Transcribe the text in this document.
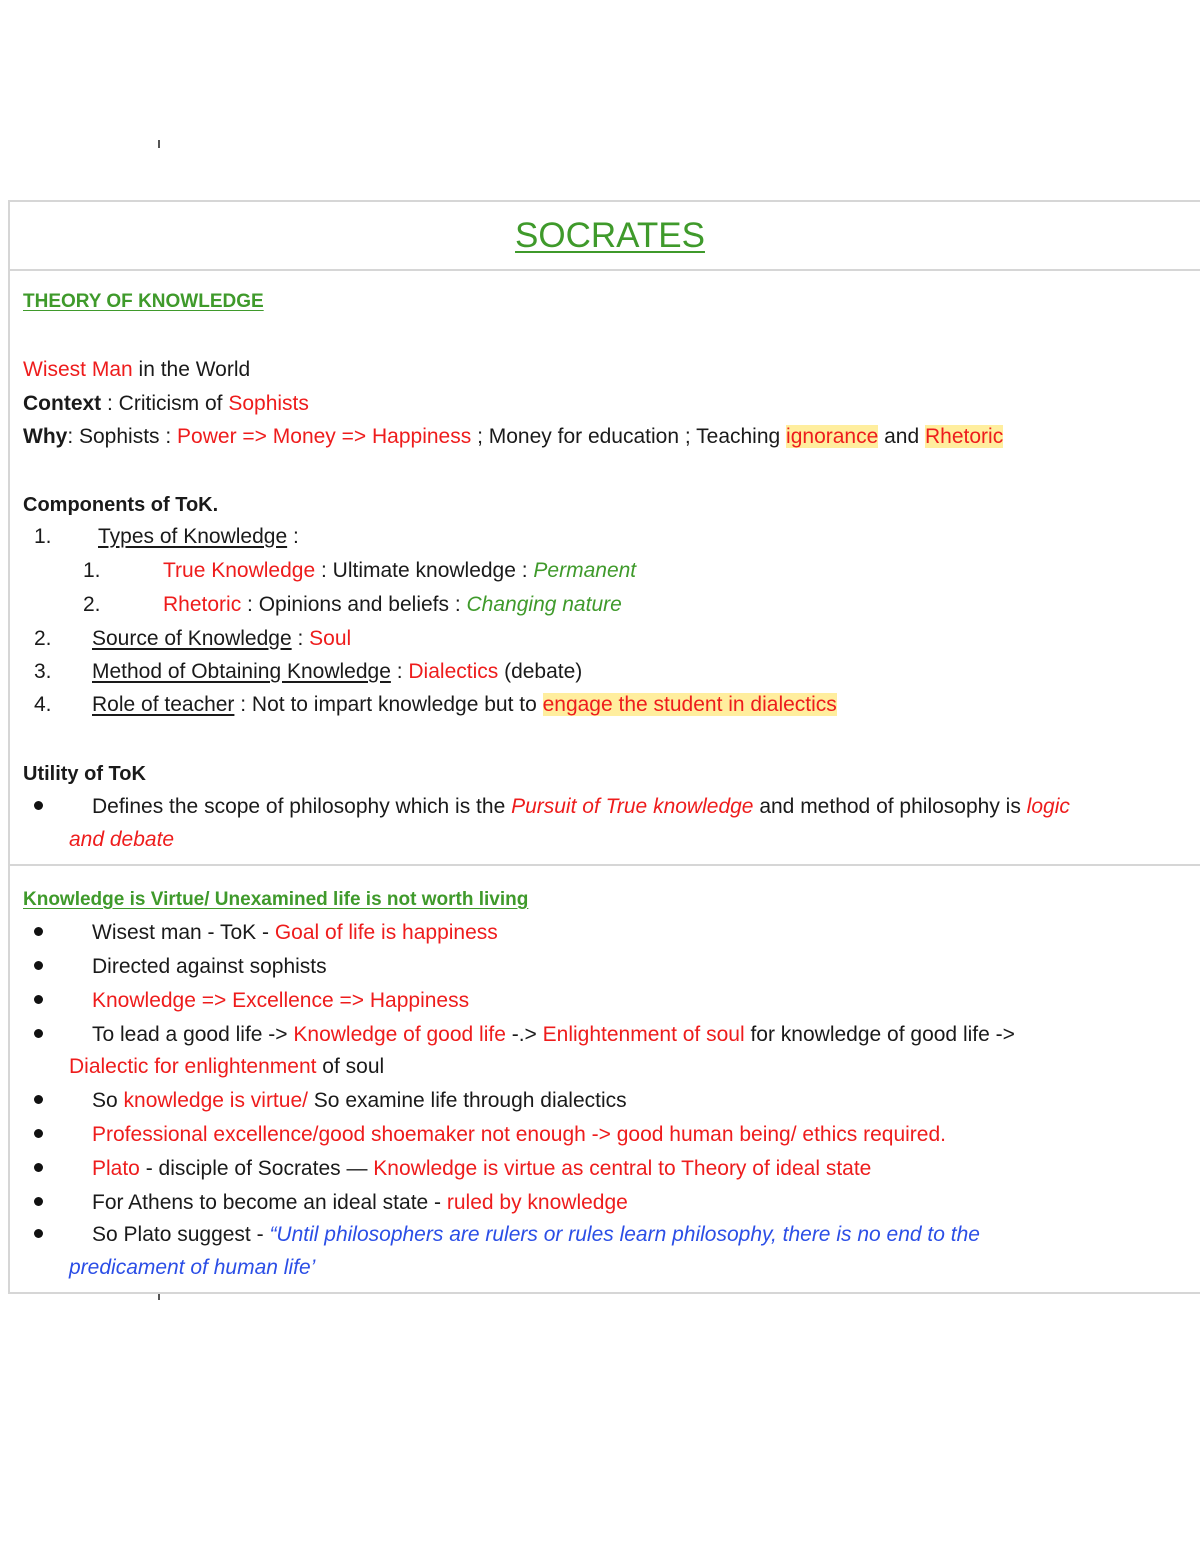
SOCRATES
THEORY OF KNOWLEDGE
Wisest Man in the World
Context : Criticism of Sophists
Why: Sophists : Power => Money => Happiness ; Money for education ; Teaching ignorance and Rhetoric
Components of ToK.
1. Types of Knowledge :
1.	True Knowledge : Ultimate knowledge : Permanent
2.	Rhetoric : Opinions and beliefs : Changing nature
2. Source of Knowledge : Soul
3. Method of Obtaining Knowledge : Dialectics (debate)
4. Role of teacher : Not to impart knowledge but to engage the student in dialectics
Utility of ToK
Defines the scope of philosophy which is the Pursuit of True knowledge and method of philosophy is logic
and debate
Knowledge is Virtue/ Unexamined life is not worth living
Wisest man - ToK - Goal of life is happiness
Directed against sophists
Knowledge => Excellence => Happiness
To lead a good life -> Knowledge of good life -.> Enlightenment of soul for knowledge of good life ->
Dialectic for enlightenment of soul
So knowledge is virtue/ So examine life through dialectics
Professional excellence/good shoemaker not enough -> good human being/ ethics required.
Plato - disciple of Socrates — Knowledge is virtue as central to Theory of ideal state
For Athens to become an ideal state - ruled by knowledge
So Plato suggest - “Until philosophers are rulers or rules learn philosophy, there is no end to the
predicament of human life’
